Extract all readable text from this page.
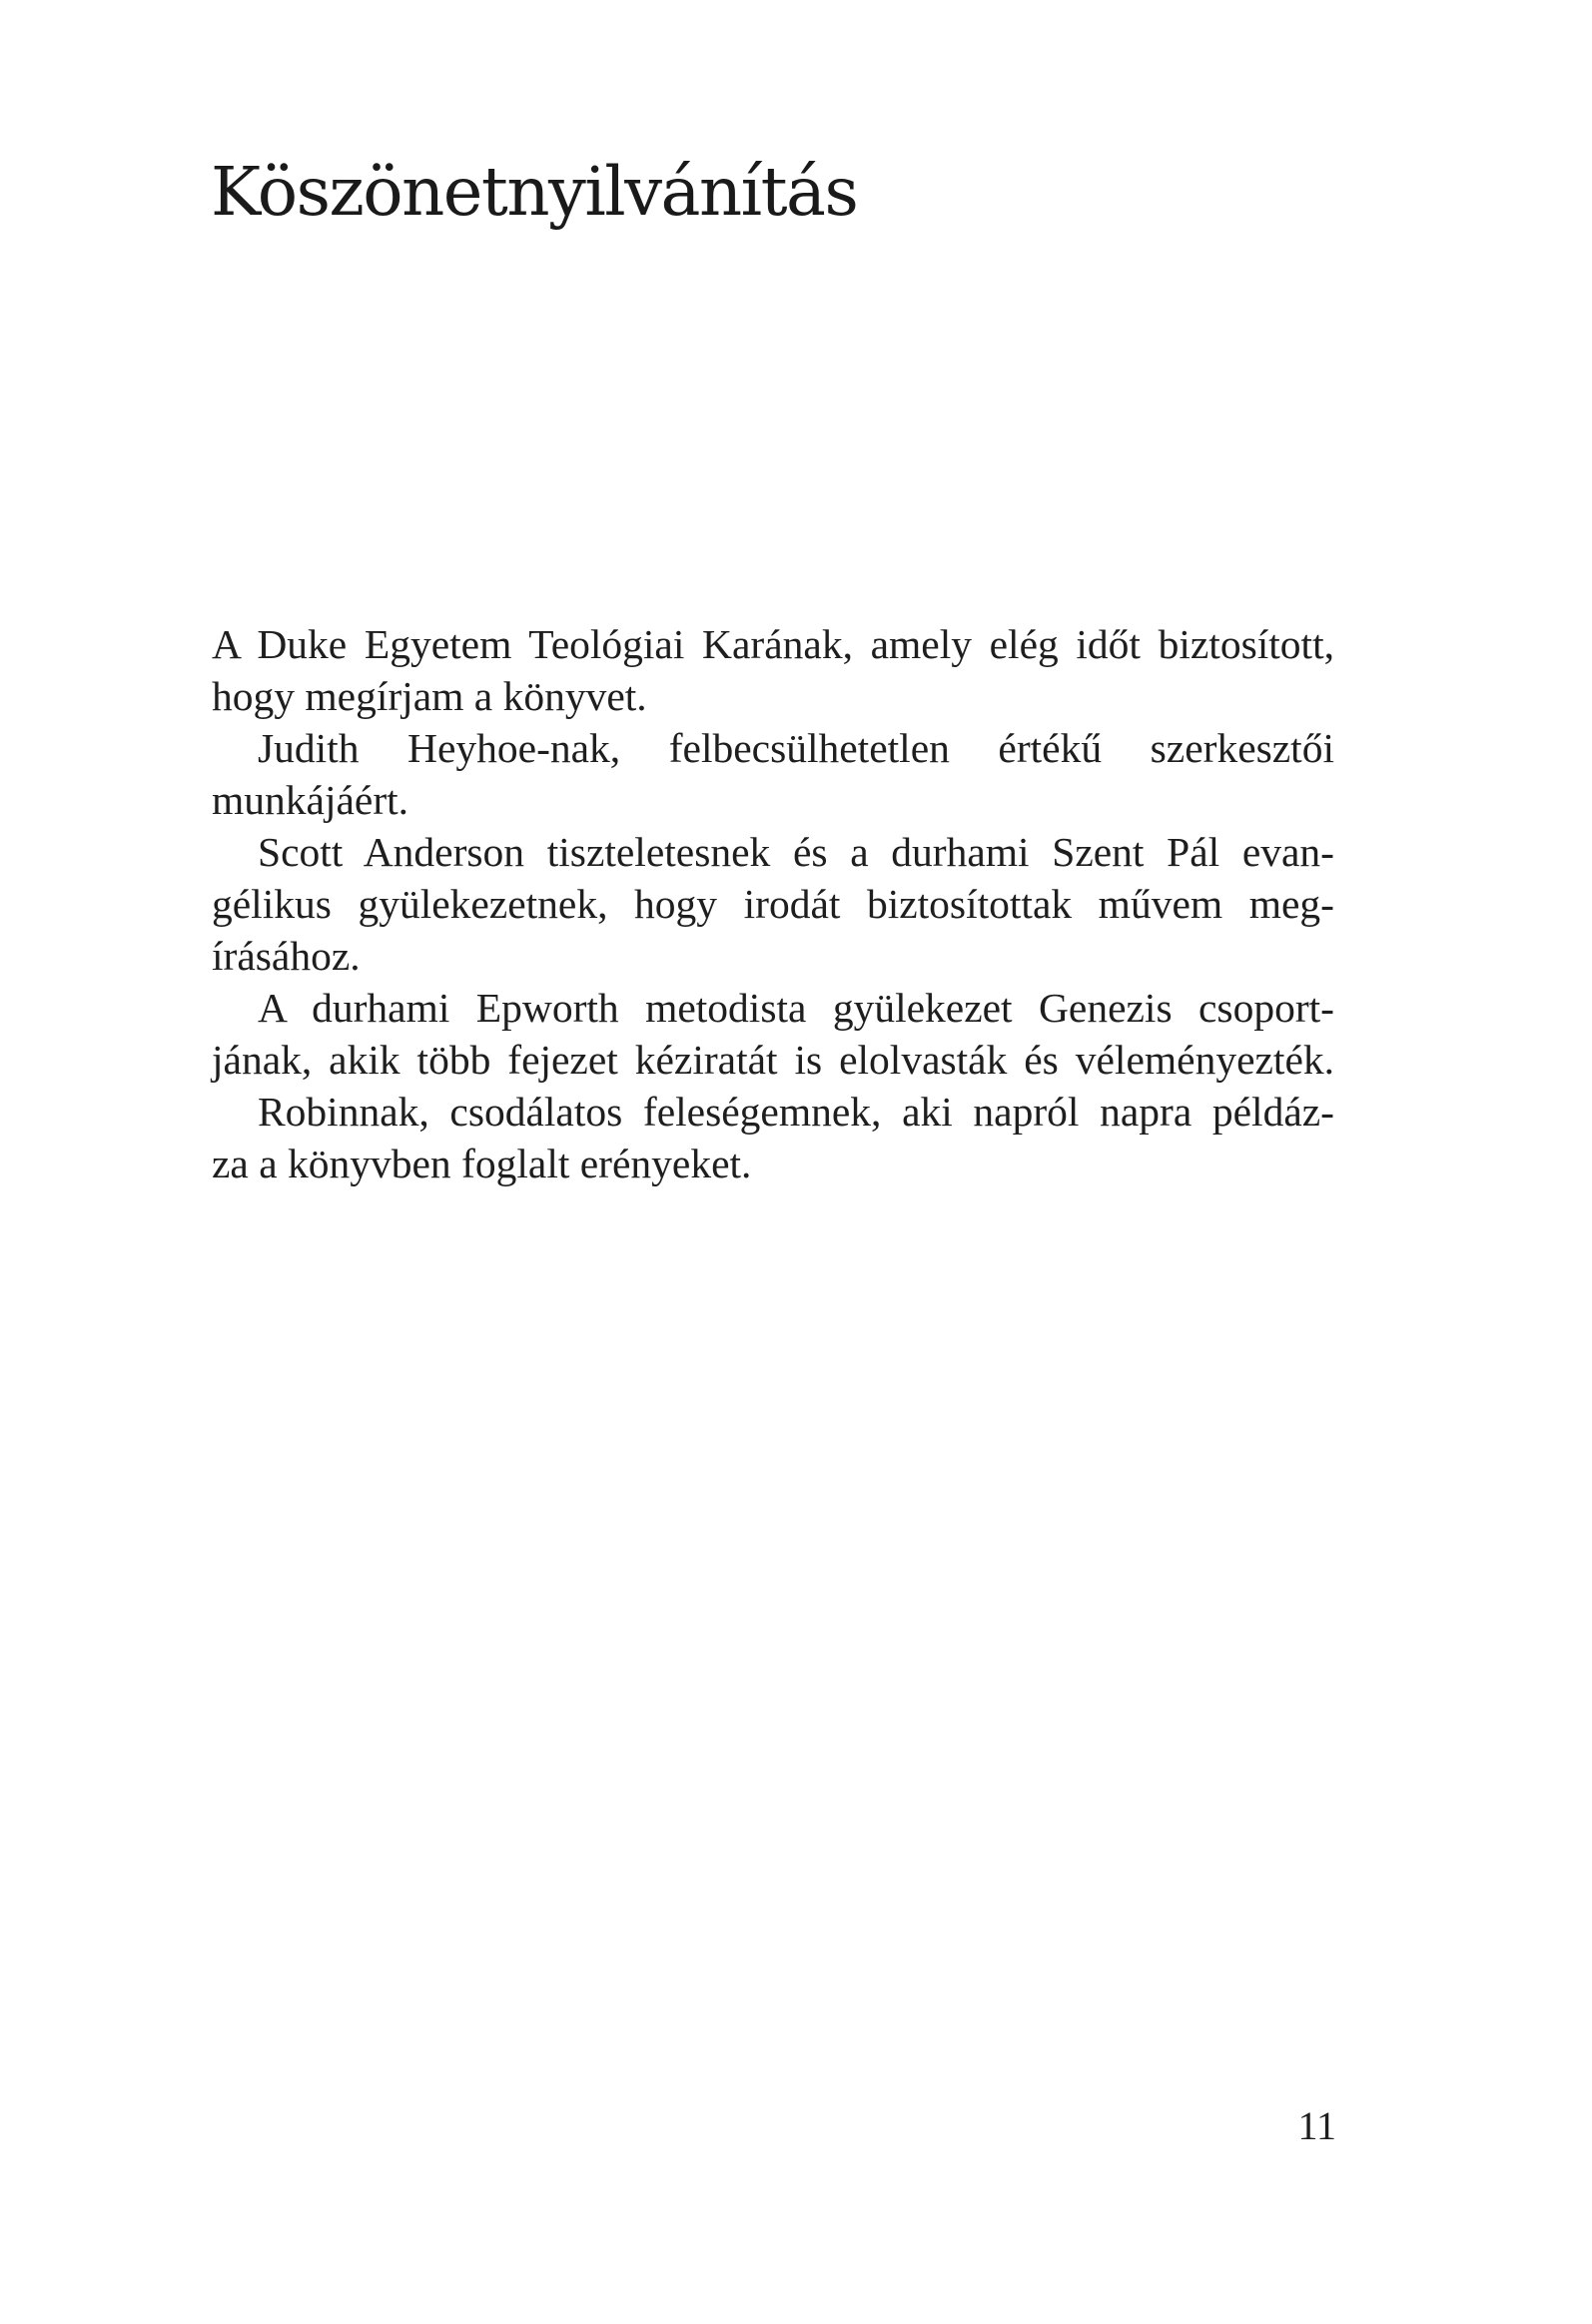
Köszönetnyilvánítás

A Duke Egyetem Teológiai Karának, amely elég időt biztosított,
hogy megírjam a könyvet.

Judith Heyhoe-nak, felbecsülhetetlen értékű szerkesztői
munkájáért.

Scott Anderson tiszteletesnek és a durhami Szent Pál evan-
gélikus gyülekezetnek, hogy irodát biztosítottak művem meg-
írásához.

A durhami Epworth metodista gyülekezet Genezis csoport-
jának, akik több fejezet kéziratát is elolvasták és véleményezték.

Robinnak, csodálatos feleségemnek, aki napról napra példáz-
za a könyvben foglalt erényeket.

11
